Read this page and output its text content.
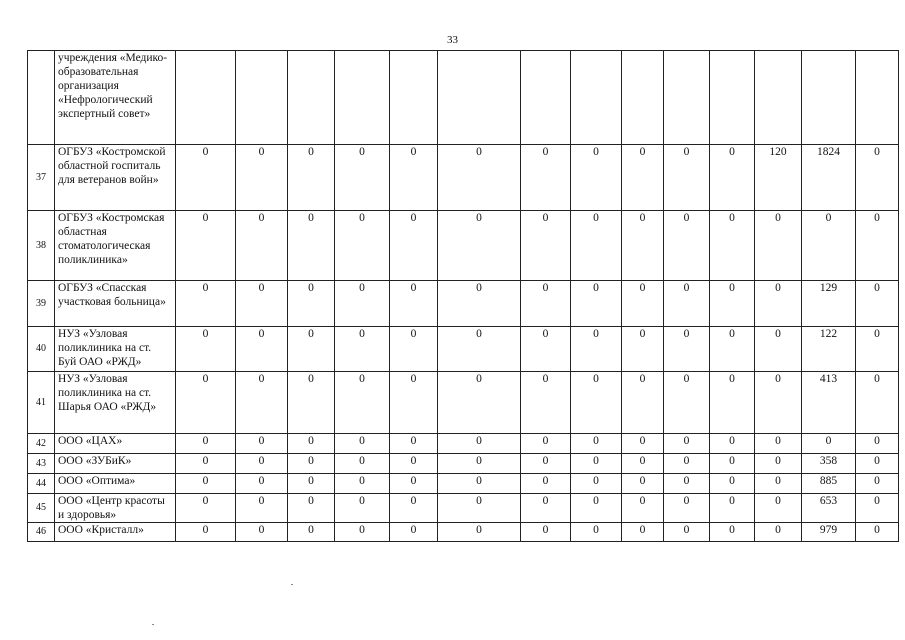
33
	учреждения «Медико-образовательная организация «Нефрологический экспертный совет»														
37	ОГБУЗ «Костромской областной госпиталь для ветеранов войн»	0	0	0	0	0	0	0	0	0	0	0	120	1824	0
38	ОГБУЗ «Костромская областная стоматологическая поликлиника»	0	0	0	0	0	0	0	0	0	0	0	0	0	0
39	ОГБУЗ «Спасская участковая больница»	0	0	0	0	0	0	0	0	0	0	0	0	129	0
40	НУЗ «Узловая поликлиника на ст. Буй ОАО «РЖД»	0	0	0	0	0	0	0	0	0	0	0	0	122	0
41	НУЗ «Узловая поликлиника на ст. Шарья ОАО «РЖД»	0	0	0	0	0	0	0	0	0	0	0	0	413	0
42	ООО «ЦАХ»	0	0	0	0	0	0	0	0	0	0	0	0	0	0
43	ООО «ЗУБиК»	0	0	0	0	0	0	0	0	0	0	0	0	358	0
44	ООО «Оптима»	0	0	0	0	0	0	0	0	0	0	0	0	885	0
45	ООО «Центр красоты и здоровья»	0	0	0	0	0	0	0	0	0	0	0	0	653	0
46	ООО «Кристалл»	0	0	0	0	0	0	0	0	0	0	0	0	979	0
